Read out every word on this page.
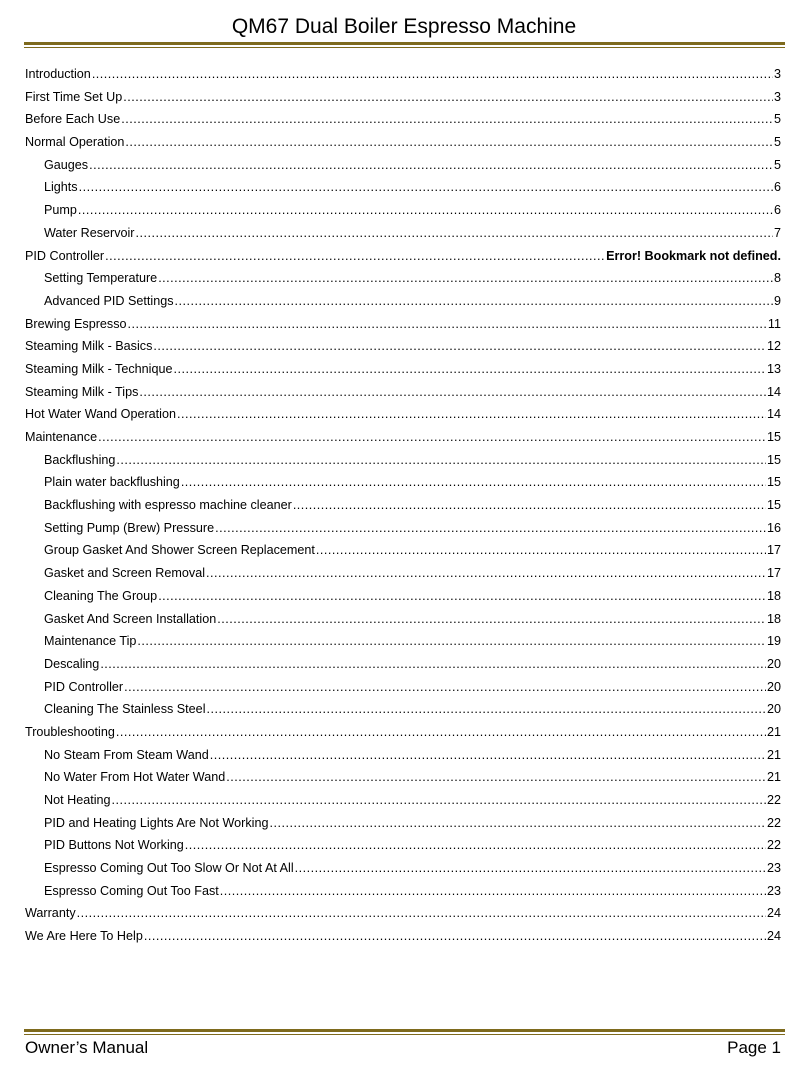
QM67 Dual Boiler Espresso Machine
Introduction .....	3
First Time Set Up .....	3
Before Each Use .....	5
Normal Operation .....	5
Gauges .....	5
Lights .....	6
Pump .....	6
Water Reservoir .....	7
PID Controller .....	Error! Bookmark not defined.
Setting Temperature .....	8
Advanced PID Settings .....	9
Brewing Espresso .....	11
Steaming Milk - Basics .....	12
Steaming Milk - Technique .....	13
Steaming Milk - Tips .....	14
Hot Water Wand Operation .....	14
Maintenance .....	15
Backflushing .....	15
Plain water backflushing .....	15
Backflushing with espresso machine cleaner .....	15
Setting Pump (Brew) Pressure .....	16
Group Gasket And Shower Screen Replacement .....	17
Gasket and Screen Removal .....	17
Cleaning The Group .....	18
Gasket And Screen Installation .....	18
Maintenance Tip .....	19
Descaling .....	20
PID Controller .....	20
Cleaning The Stainless Steel .....	20
Troubleshooting .....	21
No Steam From Steam Wand .....	21
No Water From Hot Water Wand .....	21
Not Heating .....	22
PID and Heating Lights Are Not Working .....	22
PID Buttons Not Working .....	22
Espresso Coming Out Too Slow Or Not At All .....	23
Espresso Coming Out Too Fast .....	23
Warranty .....	24
We Are Here To Help .....	24
Owner’s Manual	Page 1
